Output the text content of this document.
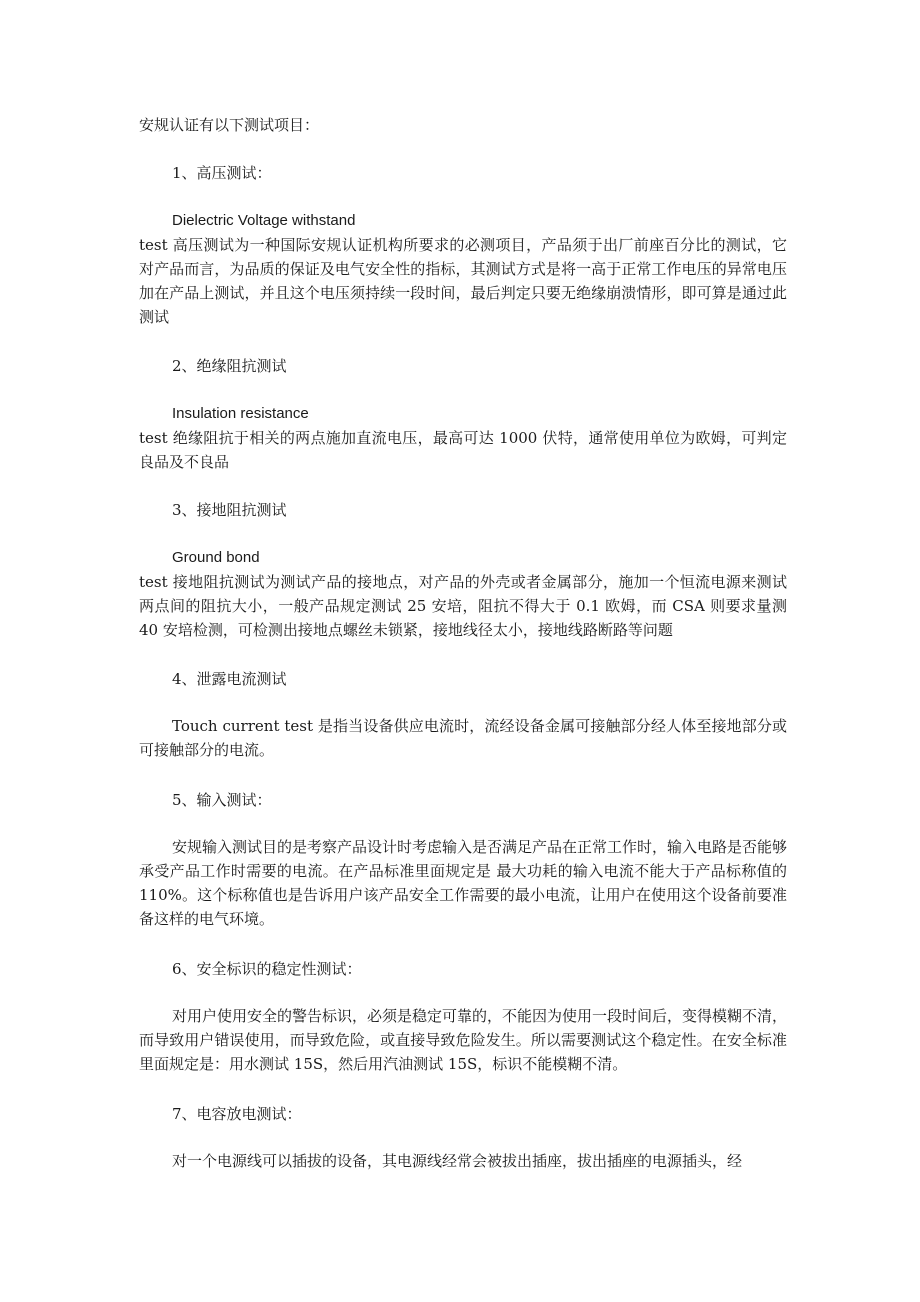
安规认证有以下测试项目：
1、高压测试：
Dielectric Voltage withstand
test 高压测试为一种国际安规认证机构所要求的必测项目，产品须于出厂前座百分比的测试，它对产品而言，为品质的保证及电气安全性的指标，其测试方式是将一高于正常工作电压的异常电压加在产品上测试，并且这个电压须持续一段时间，最后判定只要无绝缘崩溃情形，即可算是通过此测试
2、绝缘阻抗测试
Insulation resistance
test 绝缘阻抗于相关的两点施加直流电压，最高可达 1000 伏特，通常使用单位为欧姆，可判定良品及不良品
3、接地阻抗测试
Ground bond
test 接地阻抗测试为测试产品的接地点，对产品的外壳或者金属部分，施加一个恒流电源来测试两点间的阻抗大小，一般产品规定测试 25 安培，阻抗不得大于 0.1 欧姆，而 CSA 则要求量测 40 安培检测，可检测出接地点螺丝未锁紧，接地线径太小，接地线路断路等问题
4、泄露电流测试
Touch current test 是指当设备供应电流时，流经设备金属可接触部分经人体至接地部分或可接触部分的电流。
5、输入测试：
安规输入测试目的是考察产品设计时考虑输入是否满足产品在正常工作时，输入电路是否能够承受产品工作时需要的电流。在产品标准里面规定是 最大功耗的输入电流不能大于产品标称值的 110%。这个标称值也是告诉用户该产品安全工作需要的最小电流，让用户在使用这个设备前要准备这样的电气环境。
6、安全标识的稳定性测试：
对用户使用安全的警告标识，必须是稳定可靠的，不能因为使用一段时间后，变得模糊不清，而导致用户错误使用，而导致危险，或直接导致危险发生。所以需要测试这个稳定性。在安全标准里面规定是：用水测试 15S，然后用汽油测试 15S，标识不能模糊不清。
7、电容放电测试：
对一个电源线可以插拔的设备，其电源线经常会被拔出插座，拔出插座的电源插头，经
